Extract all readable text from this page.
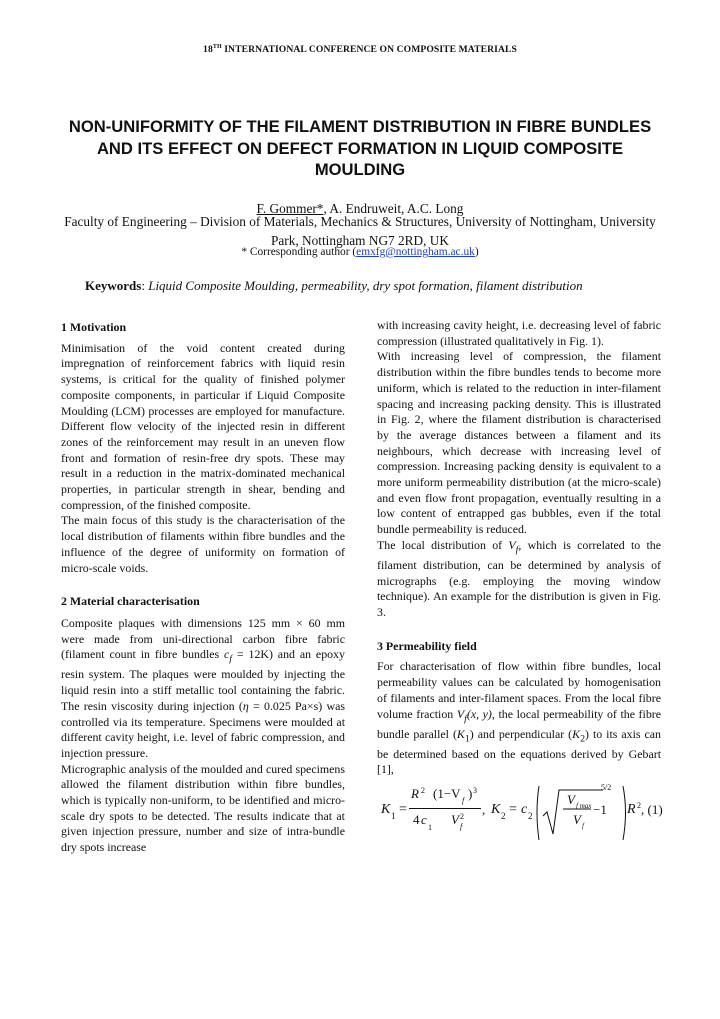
18TH INTERNATIONAL CONFERENCE ON COMPOSITE MATERIALS
NON-UNIFORMITY OF THE FILAMENT DISTRIBUTION IN FIBRE BUNDLES AND ITS EFFECT ON DEFECT FORMATION IN LIQUID COMPOSITE MOULDING
F. Gommer*, A. Endruweit, A.C. Long
Faculty of Engineering – Division of Materials, Mechanics & Structures, University of Nottingham, University Park, Nottingham NG7 2RD, UK
* Corresponding author (emxfg@nottingham.ac.uk)
Keywords: Liquid Composite Moulding, permeability, dry spot formation, filament distribution
1 Motivation

Minimisation of the void content created during impregnation of reinforcement fabrics with liquid resin systems, is critical for the quality of finished polymer composite components, in particular if Liquid Composite Moulding (LCM) processes are employed for manufacture. Different flow velocity of the injected resin in different zones of the reinforcement may result in an uneven flow front and formation of resin-free dry spots. These may result in a reduction in the matrix-dominated mechanical properties, in particular strength in shear, bending and compression, of the finished composite.

The main focus of this study is the characterisation of the local distribution of filaments within fibre bundles and the influence of the degree of uniformity on formation of micro-scale voids.

2 Material characterisation

Composite plaques with dimensions 125 mm × 60 mm were made from uni-directional carbon fibre fabric (filament count in fibre bundles $c_f = 12K$) and an epoxy resin system. The plaques were moulded by injecting the liquid resin into a stiff metallic tool containing the fabric. The resin viscosity during injection (η = 0.025 Pa×s) was controlled via its temperature. Specimens were moulded at different cavity height, i.e. level of fabric compression, and injection pressure.

Micrographic analysis of the moulded and cured specimens allowed the filament distribution within fibre bundles, which is typically non-uniform, to be identified and micro-scale dry spots to be detected. The results indicate that at given injection pressure, number and size of intra-bundle dry spots increase

with increasing cavity height, i.e. decreasing level of fabric compression (illustrated qualitatively in Fig. 1).

With increasing level of compression, the filament distribution within the fibre bundles tends to become more uniform, which is related to the reduction in inter-filament spacing and increasing packing density. This is illustrated in Fig. 2, where the filament distribution is characterised by the average distances between a filament and its neighbours, which decrease with increasing level of compression. Increasing packing density is equivalent to a more uniform permeability distribution (at the micro-scale) and even flow front propagation, eventually resulting in a low content of entrapped gas bubbles, even if the total bundle permeability is reduced.

The local distribution of $V_f$, which is correlated to the filament distribution, can be determined by analysis of micrographs (e.g. employing the moving window technique). An example for the distribution is given in Fig. 3.

3 Permeability field

For characterisation of flow within fibre bundles, local permeability values can be calculated by homogenisation of filaments and inter-filament spaces. From the local fibre volume fraction $V_f(x$, y), the local permeability of the fibre bundle parallel $(K_1)$ and perpendicular $(K_2)$ to its axis can be determined based on the equations derived by Gebart [1],

K 1 =
R 2 (1−V f ) 3
4 c
1
V 2
f
, K 2 = c 2
V f max
V f
−1
5/2
R 2 , (1)
